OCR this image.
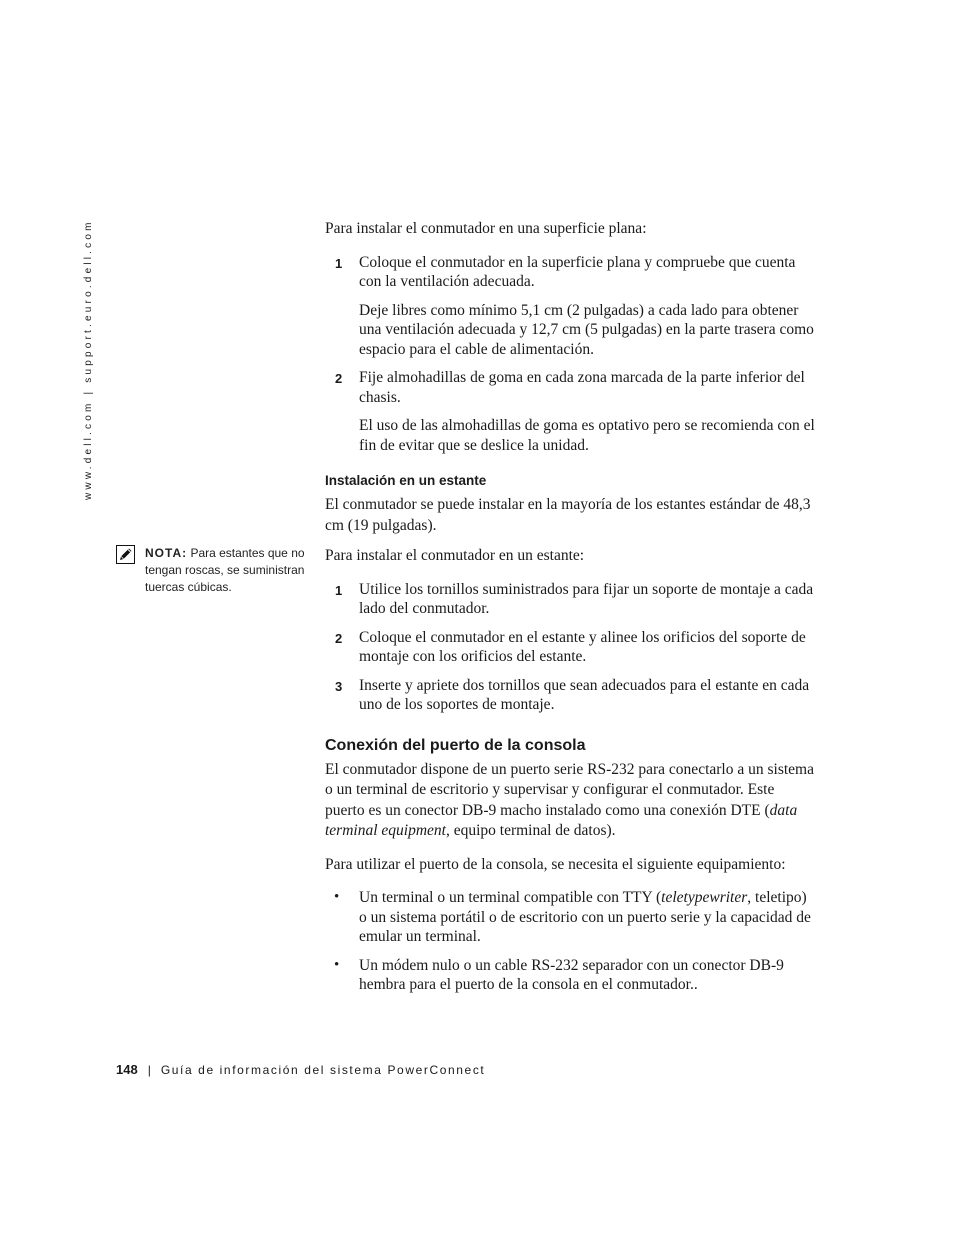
www.dell.com | support.euro.dell.com
NOTA: Para estantes que no tengan roscas, se suministran tuercas cúbicas.

Para instalar el conmutador en una superficie plana:

1 Coloque el conmutador en la superficie plana y compruebe que cuenta con la ventilación adecuada.

Deje libres como mínimo 5,1 cm (2 pulgadas) a cada lado para obtener una ventilación adecuada y 12,7 cm (5 pulgadas) en la parte trasera como espacio para el cable de alimentación.

2 Fije almohadillas de goma en cada zona marcada de la parte inferior del chasis.

El uso de las almohadillas de goma es optativo pero se recomienda con el fin de evitar que se deslice la unidad.

Instalación en un estante

El conmutador se puede instalar en la mayoría de los estantes estándar de 48,3 cm (19 pulgadas).

Para instalar el conmutador en un estante:

1 Utilice los tornillos suministrados para fijar un soporte de montaje a cada lado del conmutador.

2 Coloque el conmutador en el estante y alinee los orificios del soporte de montaje con los orificios del estante.

3 Inserte y apriete dos tornillos que sean adecuados para el estante en cada uno de los soportes de montaje.

Conexión del puerto de la consola

El conmutador dispone de un puerto serie RS-232 para conectarlo a un sistema o un terminal de escritorio y supervisar y configurar el conmutador. Este puerto es un conector DB-9 macho instalado como una conexión DTE (data terminal equipment, equipo terminal de datos).

Para utilizar el puerto de la consola, se necesita el siguiente equipamiento:

• Un terminal o un terminal compatible con TTY (teletypewriter, teletipo) o un sistema portátil o de escritorio con un puerto serie y la capacidad de emular un terminal.

• Un módem nulo o un cable RS-232 separador con un conector DB-9 hembra para el puerto de la consola en el conmutador..

148 | Guía de información del sistema PowerConnect
